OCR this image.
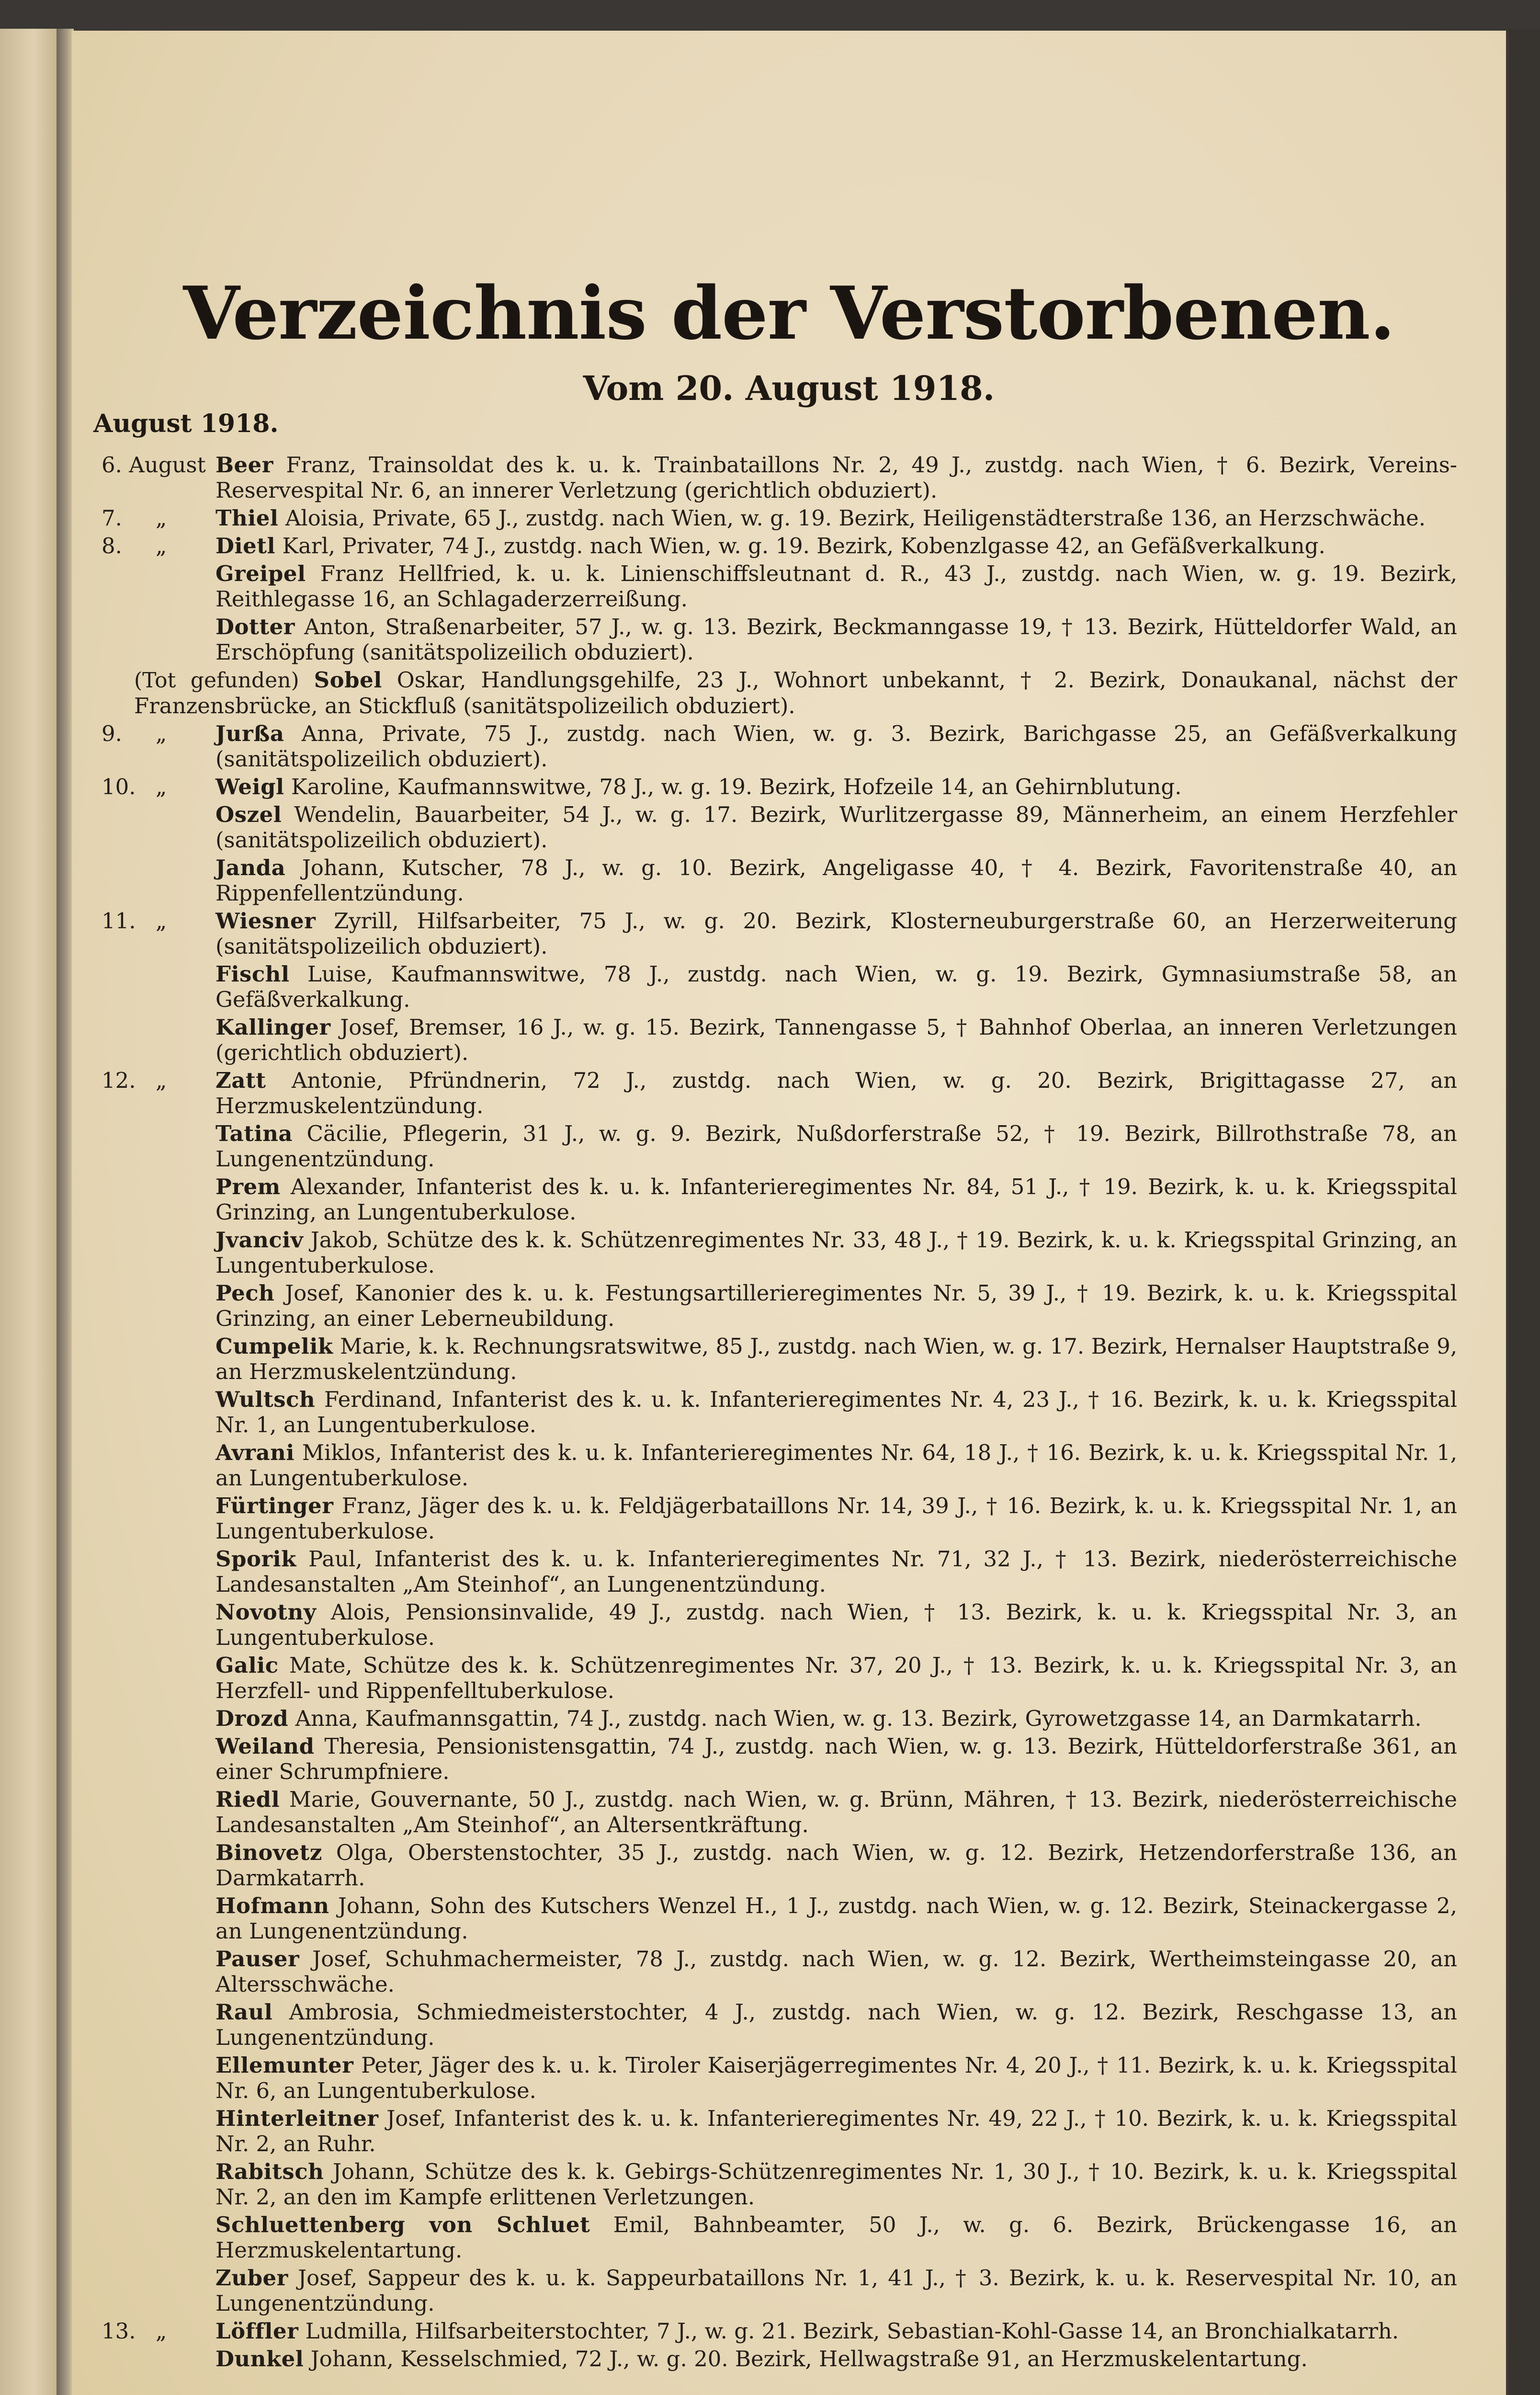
Verzeichnis der Verstorbenen.
Vom 20. August 1918.
August 1918.
6. August Beer Franz, Trainsoldat des k. u. k. Trainbataillons Nr. 2, 49 J., zustdg. nach Wien, † 6. Bezirk, Vereins-Reservespital Nr. 6, an innerer Verletzung (gerichtlich obduziert).
7. „ Thiel Aloisia, Private, 65 J., zustdg. nach Wien, w. g. 19. Bezirk, Heiligenstädterstraße 136, an Herzschwäche.
8. „ Dietl Karl, Privater, 74 J., zustdg. nach Wien, w. g. 19. Bezirk, Kobenzlgasse 42, an Gefäßverkalkung.
Greipel Franz Hellfried, k. u. k. Linienschiffsleutnant d. R., 43 J., zustdg. nach Wien, w. g. 19. Bezirk, Reithlegasse 16, an Schlagaderzerreißung.
Dotter Anton, Straßenarbeiter, 57 J., w. g. 13. Bezirk, Beckmanngasse 19, † 13. Bezirk, Hütteldorfer Wald, an Erschöpfung (sanitätspolizeilich obduziert).
(Tot gefunden) Sobel Oskar, Handlungsgehilfe, 23 J., Wohnort unbekannt, † 2. Bezirk, Donaukanal, nächst der Franzensbrücke, an Stickfluß (sanitätspolizeilich obduziert).
9. „ Jurßa Anna, Private, 75 J., zustdg. nach Wien, w. g. 3. Bezirk, Barichgasse 25, an Gefäßverkalkung (sanitätspolizeilich obduziert).
10. „ Weigl Karoline, Kaufmannswitwe, 78 J., w. g. 19. Bezirk, Hofzeile 14, an Gehirnblutung.
Oszel Wendelin, Bauarbeiter, 54 J., w. g. 17. Bezirk, Wurlitzergasse 89, Männerheim, an einem Herzfehler (sanitätspolizeilich obduziert).
Janda Johann, Kutscher, 78 J., w. g. 10. Bezirk, Angeligasse 40, † 4. Bezirk, Favoritenstraße 40, an Rippenfellentzündung.
11. „ Wiesner Zyrill, Hilfsarbeiter, 75 J., w. g. 20. Bezirk, Klosterneuburgerstraße 60, an Herzerweiterung (sanitätspolizeilich obduziert).
Fischl Luise, Kaufmannswitwe, 78 J., zustdg. nach Wien, w. g. 19. Bezirk, Gymnasiumstraße 58, an Gefäßverkalkung.
Kallinger Josef, Bremser, 16 J., w. g. 15. Bezirk, Tannengasse 5, † Bahnhof Oberlaa, an inneren Verletzungen (gerichtlich obduziert).
12. „ Zatt Antonie, Pfründnerin, 72 J., zustdg. nach Wien, w. g. 20. Bezirk, Brigittagasse 27, an Herzmuskelentzündung.
Tatina Cäcilie, Pflegerin, 31 J., w. g. 9. Bezirk, Nußdorferstraße 52, † 19. Bezirk, Billrothstraße 78, an Lungenentzündung.
Prem Alexander, Infanterist des k. u. k. Infanterieregimentes Nr. 84, 51 J., † 19. Bezirk, k. u. k. Kriegsspital Grinzing, an Lungentuberkulose.
Jvanciv Jakob, Schütze des k. k. Schützenregimentes Nr. 33, 48 J., † 19. Bezirk, k. u. k. Kriegsspital Grinzing, an Lungentuberkulose.
Pech Josef, Kanonier des k. u. k. Festungsartillerieregimentes Nr. 5, 39 J., † 19. Bezirk, k. u. k. Kriegsspital Grinzing, an einer Leberneubildung.
Cumpelik Marie, k. k. Rechnungsratswitwe, 85 J., zustdg. nach Wien, w. g. 17. Bezirk, Hernalser Hauptstraße 9, an Herzmuskelentzündung.
Wultsch Ferdinand, Infanterist des k. u. k. Infanterieregimentes Nr. 4, 23 J., † 16. Bezirk, k. u. k. Kriegsspital Nr. 1, an Lungentuberkulose.
Avrani Miklos, Infanterist des k. u. k. Infanterieregimentes Nr. 64, 18 J., † 16. Bezirk, k. u. k. Kriegsspital Nr. 1, an Lungentuberkulose.
Fürtinger Franz, Jäger des k. u. k. Feldjägerbataillons Nr. 14, 39 J., † 16. Bezirk, k. u. k. Kriegsspital Nr. 1, an Lungentuberkulose.
Sporik Paul, Infanterist des k. u. k. Infanterieregimentes Nr. 71, 32 J., † 13. Bezirk, niederösterreichische Landesanstalten „Am Steinhof“, an Lungenentzündung.
Novotny Alois, Pensionsinvalide, 49 J., zustdg. nach Wien, † 13. Bezirk, k. u. k. Kriegsspital Nr. 3, an Lungentuberkulose.
Galic Mate, Schütze des k. k. Schützenregimentes Nr. 37, 20 J., † 13. Bezirk, k. u. k. Kriegsspital Nr. 3, an Herzfell- und Rippenfelltuberkulose.
Drozd Anna, Kaufmannsgattin, 74 J., zustdg. nach Wien, w. g. 13. Bezirk, Gyrowetzgasse 14, an Darmkatarrh.
Weiland Theresia, Pensionistensgattin, 74 J., zustdg. nach Wien, w. g. 13. Bezirk, Hütteldorferstraße 361, an einer Schrumpfniere.
Riedl Marie, Gouvernante, 50 J., zustdg. nach Wien, w. g. Brünn, Mähren, † 13. Bezirk, niederösterreichische Landesanstalten „Am Steinhof“, an Altersentkräftung.
Binovetz Olga, Oberstenstochter, 35 J., zustdg. nach Wien, w. g. 12. Bezirk, Hetzendorferstraße 136, an Darmkatarrh.
Hofmann Johann, Sohn des Kutschers Wenzel H., 1 J., zustdg. nach Wien, w. g. 12. Bezirk, Steinackergasse 2, an Lungenentzündung.
Pauser Josef, Schuhmachermeister, 78 J., zustdg. nach Wien, w. g. 12. Bezirk, Wertheimsteingasse 20, an Altersschwäche.
Raul Ambrosia, Schmiedmeisterstochter, 4 J., zustdg. nach Wien, w. g. 12. Bezirk, Reschgasse 13, an Lungenentzündung.
Ellemunter Peter, Jäger des k. u. k. Tiroler Kaiserjägerregimentes Nr. 4, 20 J., † 11. Bezirk, k. u. k. Kriegsspital Nr. 6, an Lungentuberkulose.
Hinterleitner Josef, Infanterist des k. u. k. Infanterieregimentes Nr. 49, 22 J., † 10. Bezirk, k. u. k. Kriegsspital Nr. 2, an Ruhr.
Rabitsch Johann, Schütze des k. k. Gebirgs-Schützenregimentes Nr. 1, 30 J., † 10. Bezirk, k. u. k. Kriegsspital Nr. 2, an den im Kampfe erlittenen Verletzungen.
Schluettenberg von Schluet Emil, Bahnbeamter, 50 J., w. g. 6. Bezirk, Brückengasse 16, an Herzmuskelentartung.
Zuber Josef, Sappeur des k. u. k. Sappeurbataillons Nr. 1, 41 J., † 3. Bezirk, k. u. k. Reservespital Nr. 10, an Lungenentzündung.
13. „ Löffler Ludmilla, Hilfsarbeiterstochter, 7 J., w. g. 21. Bezirk, Sebastian-Kohl-Gasse 14, an Bronchialkatarrh.
Dunkel Johann, Kesselschmied, 72 J., w. g. 20. Bezirk, Hellwagstraße 91, an Herzmuskelentartung.
